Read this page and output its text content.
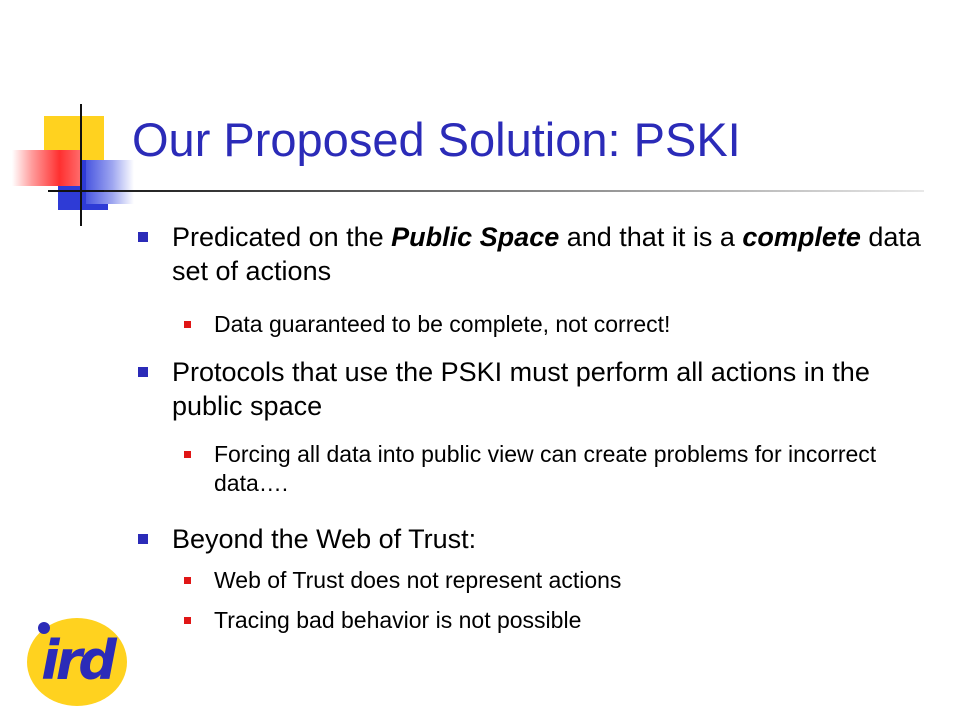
Our Proposed Solution: PSKI
Predicated on the Public Space and that it is a complete data set of actions
Data guaranteed to be complete, not correct!
Protocols that use the PSKI must perform all actions in the public space
Forcing all data into public view can create problems for incorrect data….
Beyond the Web of Trust:
Web of Trust does not represent actions
Tracing bad behavior is not possible
ird
